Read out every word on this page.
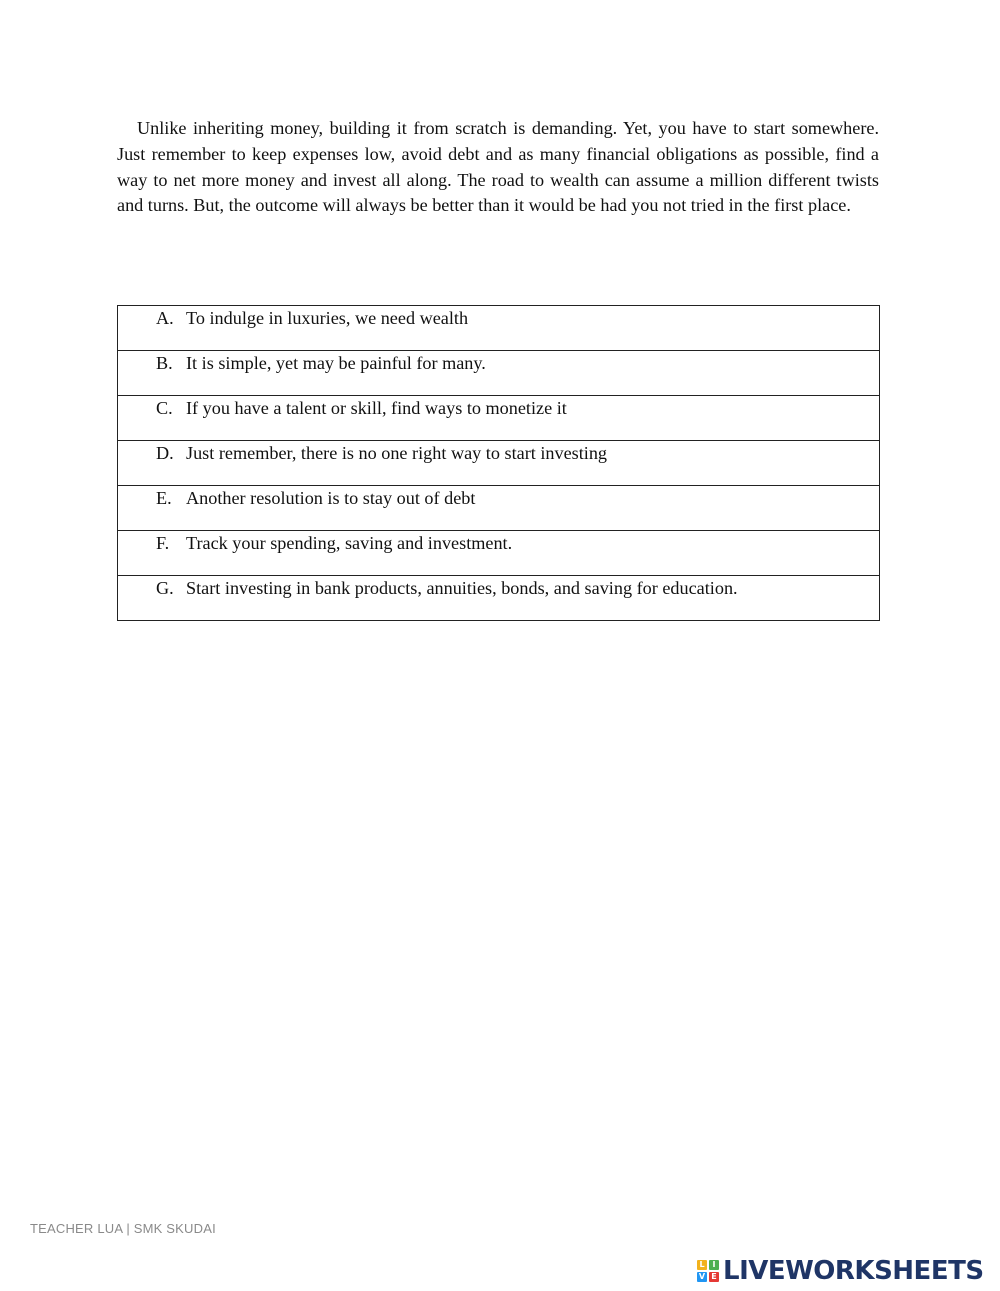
Unlike inheriting money, building it from scratch is demanding. Yet, you have to start somewhere. Just remember to keep expenses low, avoid debt and as many financial obligations as possible, find a way to net more money and invest all along. The road to wealth can assume a million different twists and turns. But, the outcome will always be better than it would be had you not tried in the first place.

A. To indulge in luxuries, we need wealth
B. It is simple, yet may be painful for many.
C. If you have a talent or skill, find ways to monetize it
D. Just remember, there is no one right way to start investing
E. Another resolution is to stay out of debt
F. Track your spending, saving and investment.
G. Start investing in bank products, annuities, bonds, and saving for education.
TEACHER LUA | SMK SKUDAI
L I
V E LIVEWORKSHEETS
